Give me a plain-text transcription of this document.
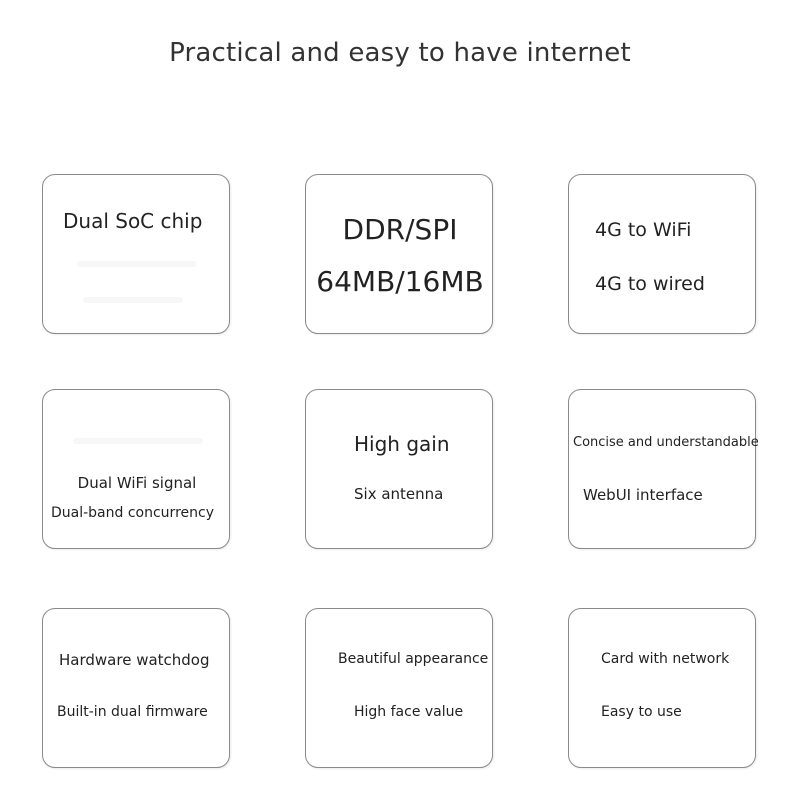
Practical and easy to have internet
Dual SoC chip	DDR/SPI
64MB/16MB
4G to WiFi
4G to wired
Dual WiFi signal
Dual-band concurrency
High gain
Six antenna
Concise and understandable
WebUI interface
Hardware watchdog
Built-in dual firmware
Beautiful appearance
High face value
Card with network
Easy to use
